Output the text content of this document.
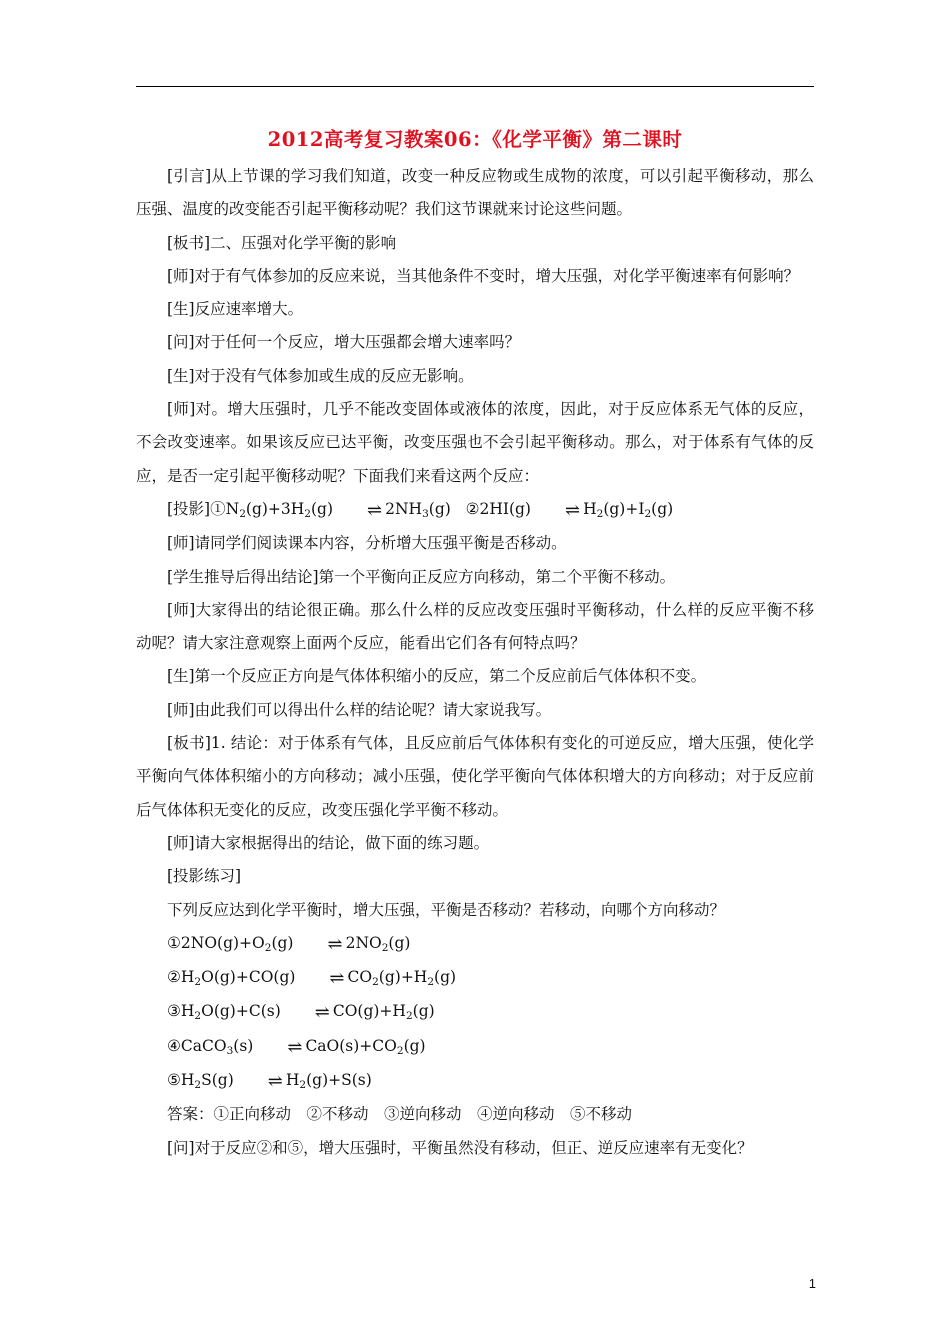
2012高考复习教案06：《化学平衡》第二课时

[引言]从上节课的学习我们知道，改变一种反应物或生成物的浓度，可以引起平衡移动，那么压强、温度的改变能否引起平衡移动呢？我们这节课就来讨论这些问题。

[板书]二、压强对化学平衡的影响

[师]对于有气体参加的反应来说，当其他条件不变时，增大压强，对化学平衡速率有何影响？

[生]反应速率增大。

[问]对于任何一个反应，增大压强都会增大速率吗？

[生]对于没有气体参加或生成的反应无影响。

[师]对。增大压强时，几乎不能改变固体或液体的浓度，因此，对于反应体系无气体的反应，不会改变速率。如果该反应已达平衡，改变压强也不会引起平衡移动。那么，对于体系有气体的反应，是否一定引起平衡移动呢？下面我们来看这两个反应：

[投影]$①N_2(g)+3H_2(g)$ ⇌ $2NH_3(g)$   ②2HI(g) ⇌ $H_2(g)+I_2(g)$

[师]请同学们阅读课本内容，分析增大压强平衡是否移动。

[学生推导后得出结论]第一个平衡向正反应方向移动，第二个平衡不移动。

[师]大家得出的结论很正确。那么什么样的反应改变压强时平衡移动，什么样的反应平衡不移动呢？请大家注意观察上面两个反应，能看出它们各有何特点吗？

[生]第一个反应正方向是气体体积缩小的反应，第二个反应前后气体体积不变。

[师]由此我们可以得出什么样的结论呢？请大家说我写。

[板书]1. 结论：对于体系有气体，且反应前后气体体积有变化的可逆反应，增大压强，使化学平衡向气体体积缩小的方向移动；减小压强，使化学平衡向气体体积增大的方向移动；对于反应前后气体体积无变化的反应，改变压强化学平衡不移动。

[师]请大家根据得出的结论，做下面的练习题。

[投影练习]

下列反应达到化学平衡时，增大压强，平衡是否移动？若移动，向哪个方向移动？

$①2NO(g)+O_2(g)$ ⇌ $2NO_2(g)$

$②H_2O(g)+CO(g)$ ⇌ $CO_2(g)+H_2(g)$

$③H_2O(g)+C(s)$ ⇌ $CO(g)+H_2(g)$

④CaCO$_3$(s) ⇌ $CaO(s)+CO_2(g)$

$⑤H_2S(g)$ ⇌ $H_2(g)+S(s)$

答案：①正向移动　②不移动　③逆向移动　④逆向移动　⑤不移动

[问]对于反应②和⑤，增大压强时，平衡虽然没有移动，但正、逆反应速率有无变化？

1
